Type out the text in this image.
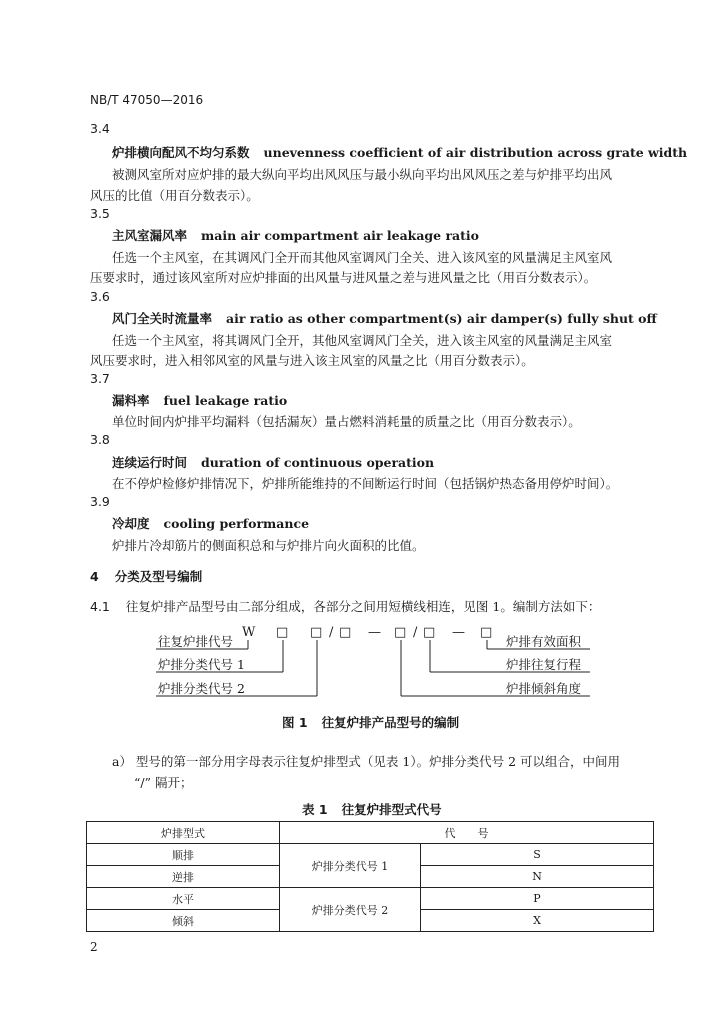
NB/T 47050—2016
3.4
炉排横向配风不均匀系数 unevenness coefficient of air distribution across grate width
被测风室所对应炉排的最大纵向平均出风风压与最小纵向平均出风风压之差与炉排平均出风
风压的比值（用百分数表示）。
3.5
主风室漏风率 main air compartment air leakage ratio
任选一个主风室，在其调风门全开而其他风室调风门全关、进入该风室的风量满足主风室风
压要求时，通过该风室所对应炉排面的出风量与进风量之差与进风量之比（用百分数表示）。
3.6
风门全关时流量率 air ratio as other compartment(s) air damper(s) fully shut off
任选一个主风室，将其调风门全开，其他风室调风门全关，进入该主风室的风量满足主风室
风压要求时，进入相邻风室的风量与进入该主风室的风量之比（用百分数表示）。
3.7
漏料率 fuel leakage ratio
单位时间内炉排平均漏料（包括漏灰）量占燃料消耗量的质量之比（用百分数表示）。
3.8
连续运行时间 duration of continuous operation
在不停炉检修炉排情况下，炉排所能维持的不间断运行时间（包括锅炉热态备用停炉时间）。
3.9
冷却度 cooling performance
炉排片冷却筋片的侧面积总和与炉排片向火面积的比值。
4 分类及型号编制
4.1 往复炉排产品型号由二部分组成，各部分之间用短横线相连，见图 1。编制方法如下：
W □ □ / □ — □ / □ — □
往复炉排代号
炉排分类代号 1
炉排分类代号 2
炉排有效面积
炉排往复行程
炉排倾斜角度
图 1 往复炉排产品型号的编制
a） 型号的第一部分用字母表示往复炉排型式（见表 1）。炉排分类代号 2 可以组合，中间用
“/” 隔开；
表 1 往复炉排型式代号
炉排型式	代　　号	
顺排	炉排分类代号 1	S
逆排		N
水平	炉排分类代号 2	P
倾斜		X
2
